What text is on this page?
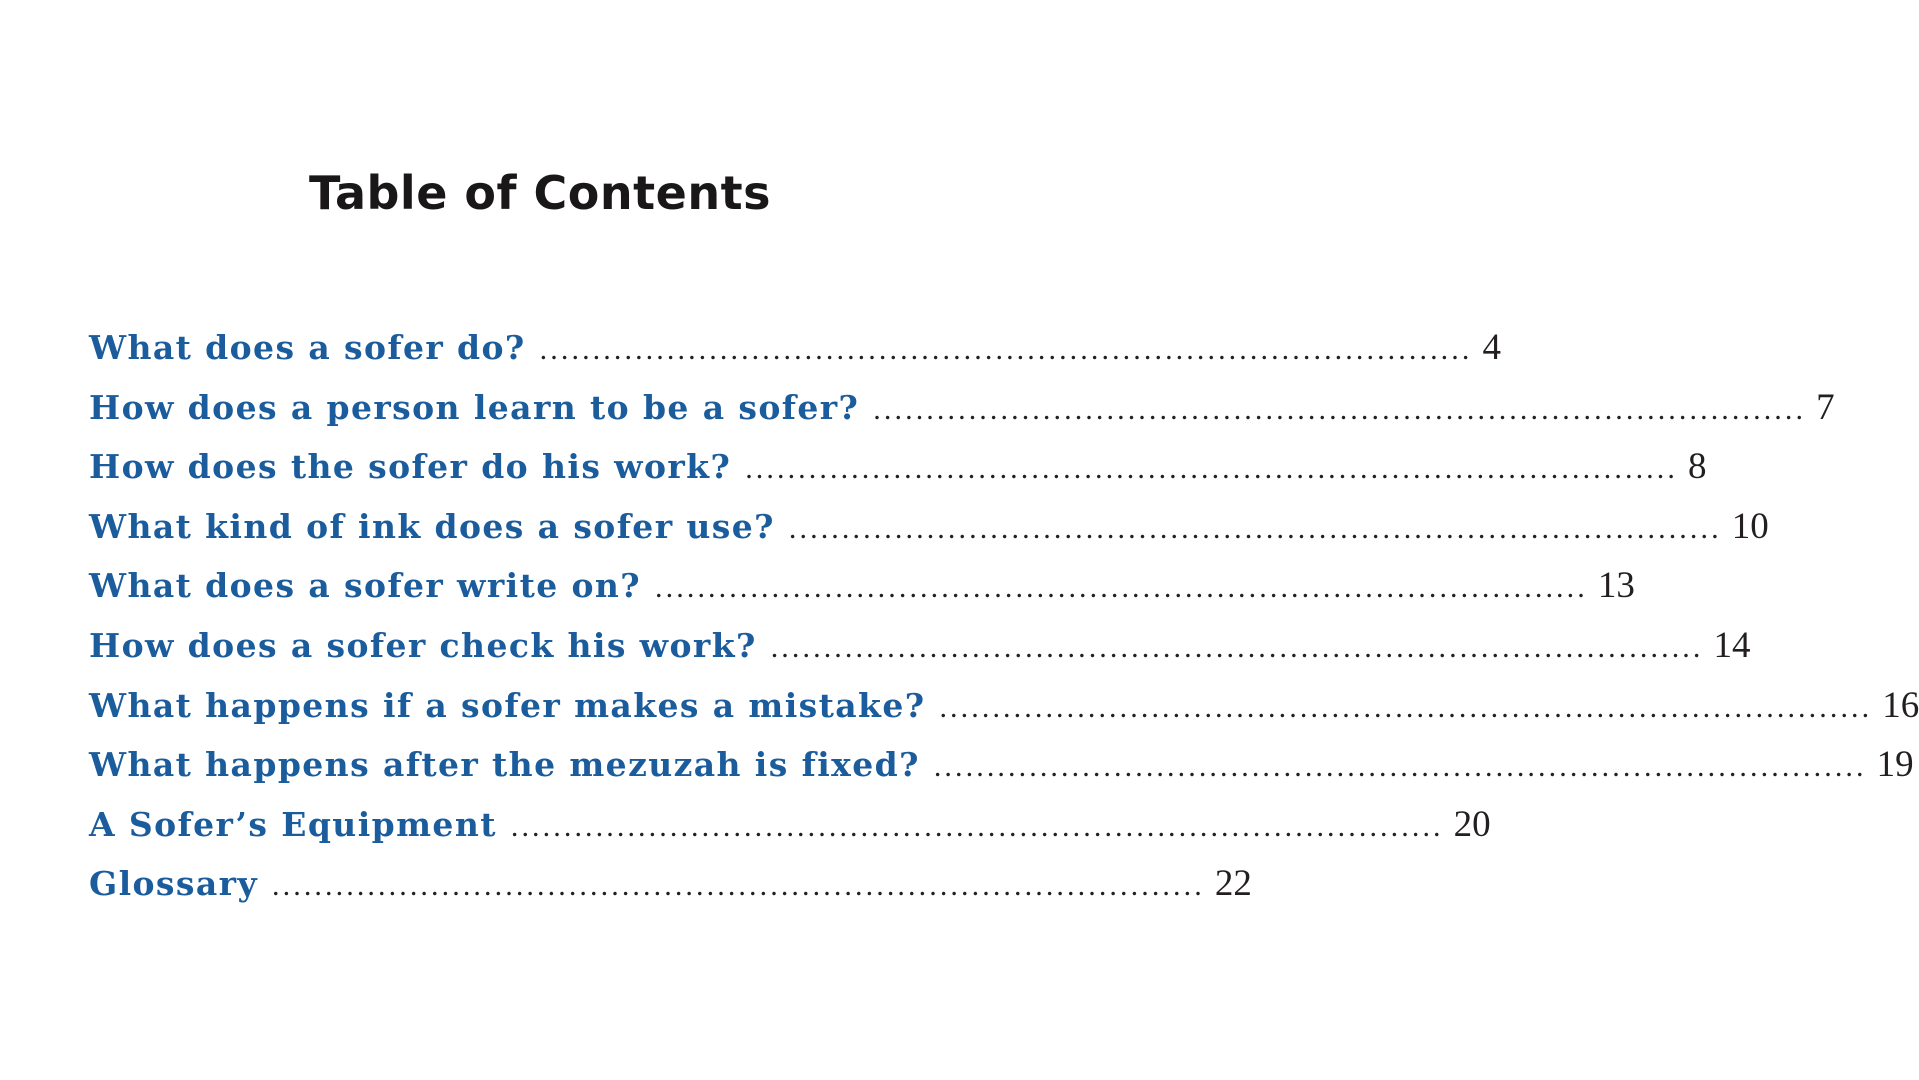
Table of Contents
What does a sofer do? ........................................................................................ 4
How does a person learn to be a sofer? ........................................................................................ 7
How does the sofer do his work? ........................................................................................ 8
What kind of ink does a sofer use? ........................................................................................ 10
What does a sofer write on? ........................................................................................ 13
How does a sofer check his work? ........................................................................................ 14
What happens if a sofer makes a mistake? ........................................................................................ 16
What happens after the mezuzah is fixed? ........................................................................................ 19
A Sofer’s Equipment ........................................................................................ 20
Glossary ........................................................................................ 22
